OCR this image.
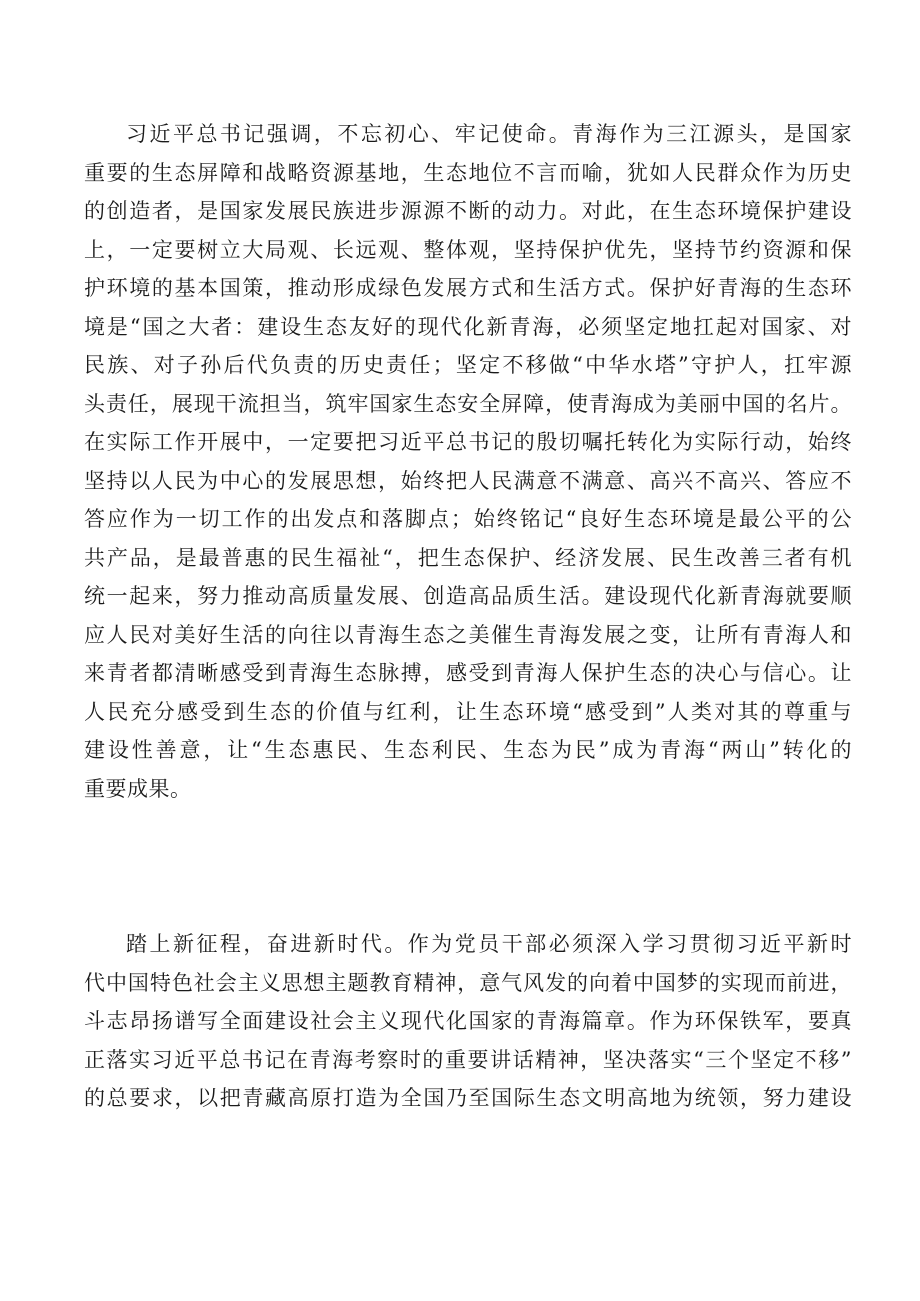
习近平总书记强调，不忘初心、牢记使命。青海作为三江源头，是国家
重要的生态屏障和战略资源基地，生态地位不言而喻，犹如人民群众作为历史
的创造者，是国家发展民族进步源源不断的动力。对此，在生态环境保护建设
上，一定要树立大局观、长远观、整体观，坚持保护优先，坚持节约资源和保
护环境的基本国策，推动形成绿色发展方式和生活方式。保护好青海的生态环
境是“国之大者：建设生态友好的现代化新青海，必须坚定地扛起对国家、对
民族、对子孙后代负责的历史责任；坚定不移做“中华水塔”守护人，扛牢源
头责任，展现干流担当，筑牢国家生态安全屏障，使青海成为美丽中国的名片。
在实际工作开展中，一定要把习近平总书记的殷切嘱托转化为实际行动，始终
坚持以人民为中心的发展思想，始终把人民满意不满意、高兴不高兴、答应不
答应作为一切工作的出发点和落脚点；始终铭记“良好生态环境是最公平的公
共产品，是最普惠的民生福祉“，把生态保护、经济发展、民生改善三者有机
统一起来，努力推动高质量发展、创造高品质生活。建设现代化新青海就要顺
应人民对美好生活的向往以青海生态之美催生青海发展之变，让所有青海人和
来青者都清晰感受到青海生态脉搏，感受到青海人保护生态的决心与信心。让
人民充分感受到生态的价值与红利，让生态环境“感受到”人类对其的尊重与
建设性善意，让“生态惠民、生态利民、生态为民”成为青海“两山”转化的
重要成果。
踏上新征程，奋进新时代。作为党员干部必须深入学习贯彻习近平新时
代中国特色社会主义思想主题教育精神，意气风发的向着中国梦的实现而前进，
斗志昂扬谱写全面建设社会主义现代化国家的青海篇章。作为环保铁军，要真
正落实习近平总书记在青海考察时的重要讲话精神，坚决落实“三个坚定不移”
的总要求，以把青藏高原打造为全国乃至国际生态文明高地为统领，努力建设
